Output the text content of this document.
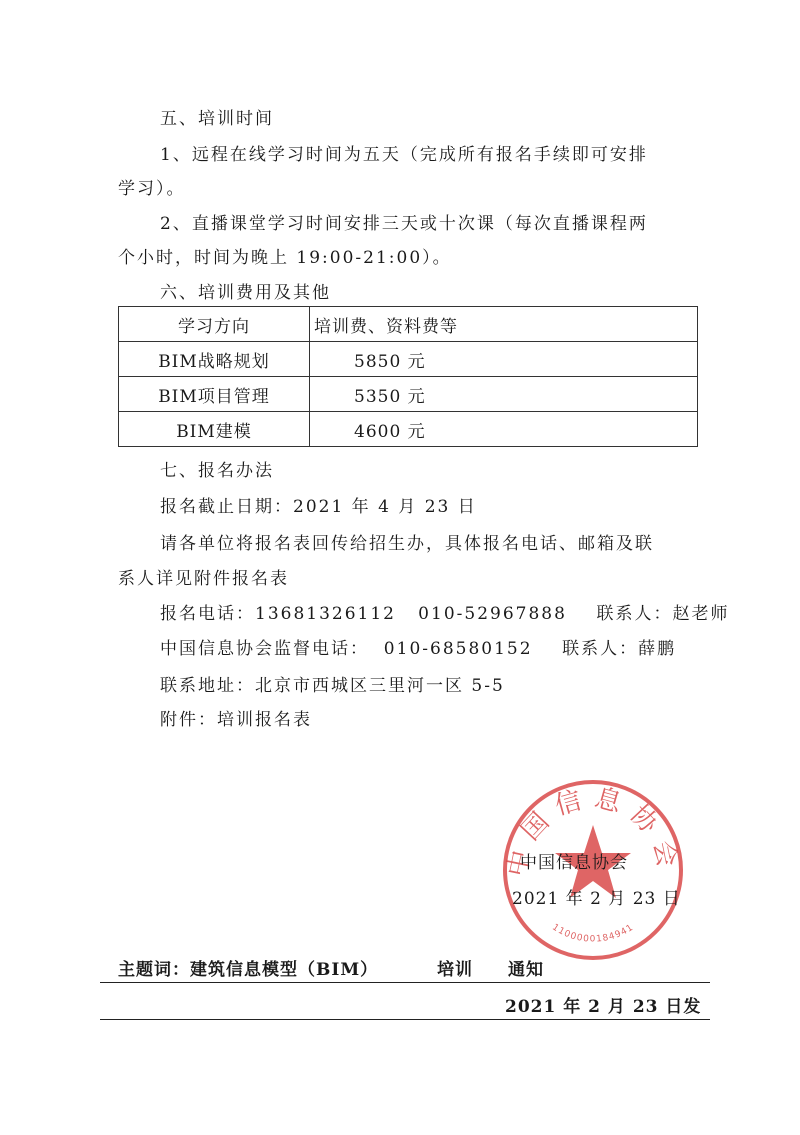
五、培训时间
1、远程在线学习时间为五天（完成所有报名手续即可安排
学习）。
2、直播课堂学习时间安排三天或十次课（每次直播课程两
个小时，时间为晚上 19:00-21:00）。
六、培训费用及其他
学习方向	培训费、资料费等
BIM战略规划	5850 元
BIM项目管理	5350 元
BIM建模	4600 元
七、报名办法
报名截止日期：2021 年 4 月 23 日
请各单位将报名表回传给招生办，具体报名电话、邮箱及联
系人详见附件报名表
报名电话：13681326112   010-52967888    联系人：赵老师
中国信息协会监督电话：  010-68580152    联系人：薛鹏
联系地址：北京市西城区三里河一区 5-5
附件：培训报名表
中国信息协会
1100000184941
中国信息协会
2021 年 2 月 23 日
主题词：建筑信息模型（BIM）	培训 通知
2021 年 2 月 23 日发
